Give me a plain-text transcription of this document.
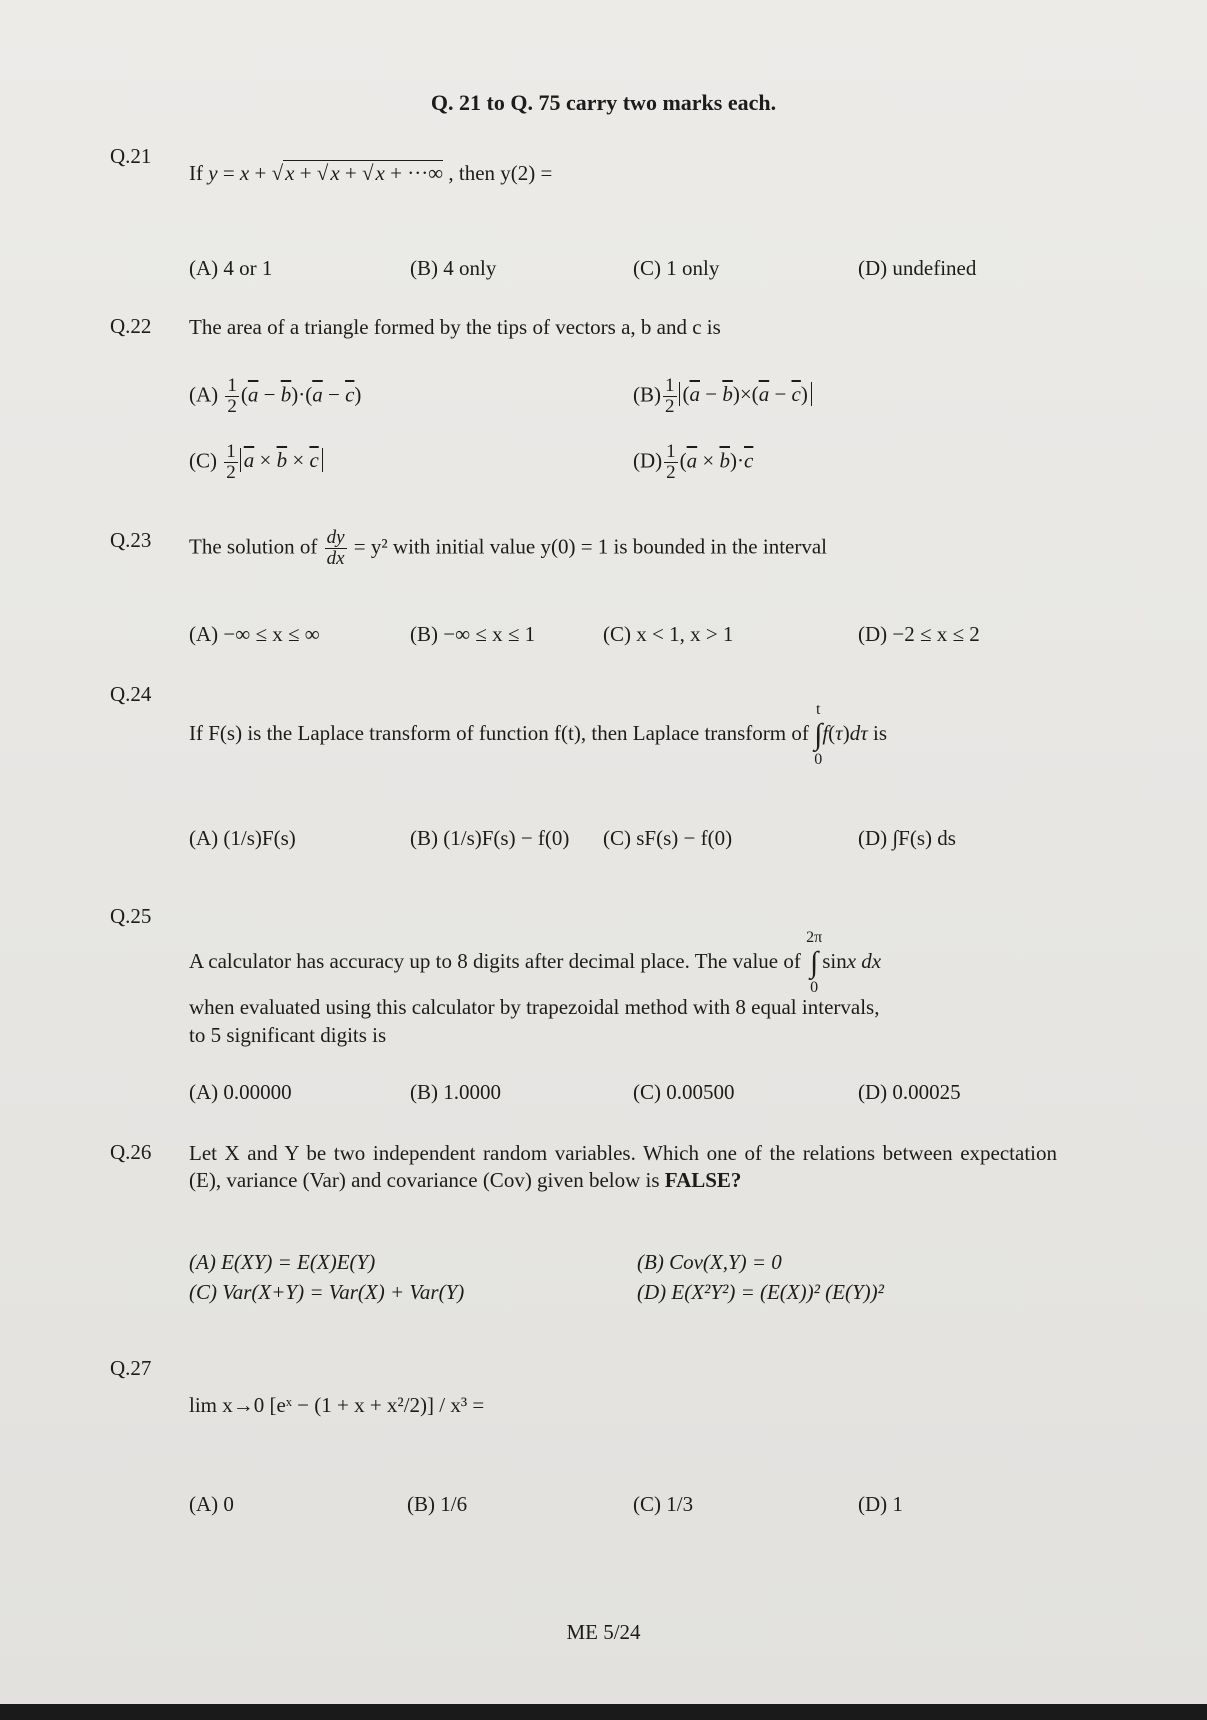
Q. 21 to Q. 75 carry two marks each.
Q.21
If y = x + √x + √x + √x + ···∞ , then y(2) =
(A) 4 or 1	(B) 4 only	(C) 1 only	(D) undefined
Q.22 The area of a triangle formed by the tips of vectors a, b and c is
$(A) \frac{1}{2} (\overline{a} - \overline{b})\cdot(\overline{a} - \overline{c})$	$(B) \frac{1}{2} (\overline{a} - \overline{b})\times(\overline{a} - \overline{c})$
$(C) \frac{1}{2} \overline{a} \times \overline{b} \times \overline{c}$	$(D) \frac{1}{2} (\overline{a} \times \overline{b})\cdot\overline{c}$
Q.23 The solution of $\frac{dy}{dx} = y^2$ with initial value y(0) = 1 is bounded in the interval
(A) −∞ ≤ x ≤ ∞	(B) −∞ ≤ x ≤ 1	(C) x < 1, x > 1	(D) −2 ≤ x ≤ 2
Q.24
If F(s) is the Laplace transform of function f(t), then Laplace transform of
t
∫
0
f(τ)dτ is
(A) (1/s)F(s)	(B) (1/s)F(s) − f(0) (C) sF(s) − f(0)	(D) ∫F(s) ds
Q.25
A calculator has accuracy up to 8 digits after decimal place. The value of
2π
∫
0
sinx dx
when evaluated using this calculator by trapezoidal method with 8 equal intervals,
to 5 significant digits is
(A) 0.00000	(B) 1.0000	(C) 0.00500	(D) 0.00025
Q.26 Let X and Y be two independent random variables. Which one of the relations between expectation (E), variance (Var) and covariance (Cov) given below is FALSE?
(A) E(XY) = E(X)E(Y)	(B) Cov(X,Y) = 0
(C) Var(X+Y) = Var(X) + Var(Y)	(D) E(X²Y²) = (E(X))² (E(Y))²
Q.27
lim x→0 [eˣ − (1 + x + x²/2)] / x³ =
(A) 0	(B) 1/6	(C) 1/3	(D) 1
ME 5/24
